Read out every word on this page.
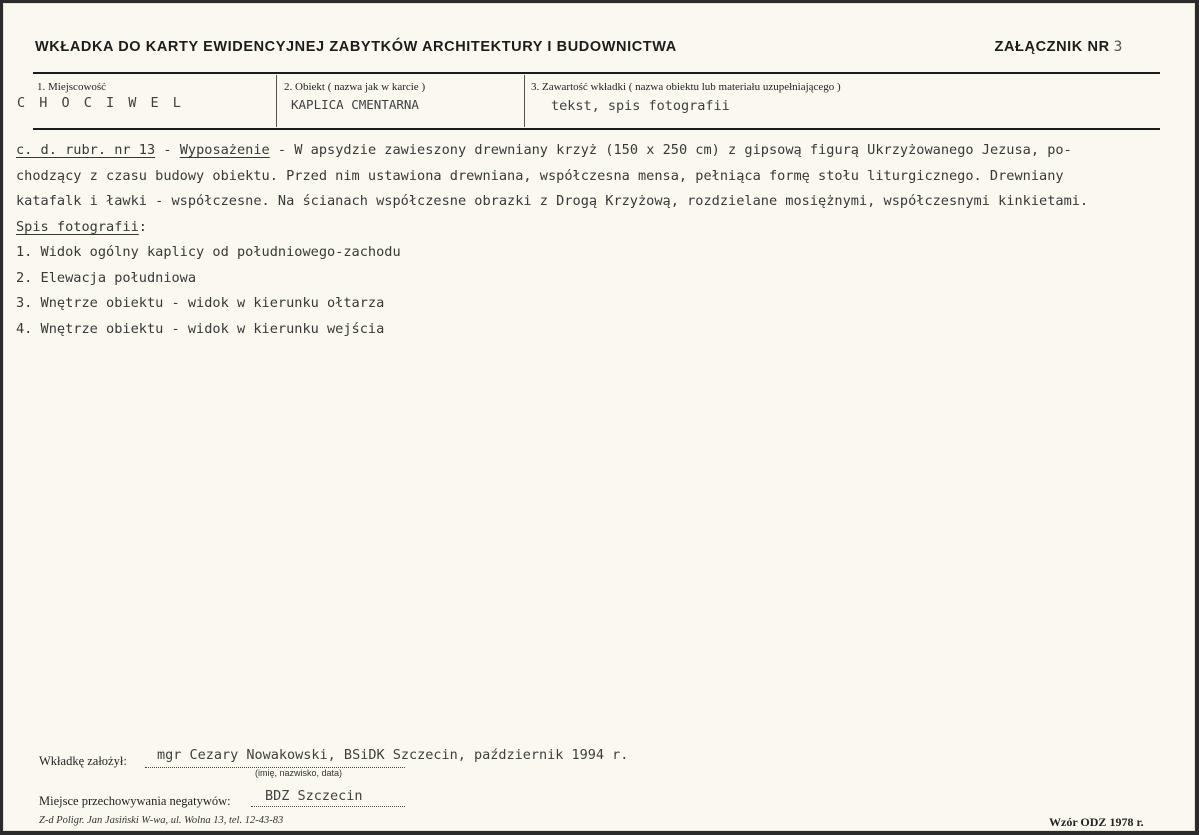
WKŁADKA DO KARTY EWIDENCYJNEJ ZABYTKÓW ARCHITEKTURY I BUDOWNICTWA	ZAŁĄCZNIK NR 3
1. Miejscowość
C H O C I W E L
2. Obiekt ( nazwa jak w karcie )
KAPLICA CMENTARNA
3. Zawartość wkładki ( nazwa obiektu lub materiału uzupełniającego )
tekst, spis fotografii

c. d. rubr. nr 13 - Wyposażenie - W apsydzie zawieszony drewniany krzyż (150 x 250 cm) z gipsową figurą Ukrzyżowanego Jezusa, po-

chodzący z czasu budowy obiektu. Przed nim ustawiona drewniana, współczesna mensa, pełniąca formę stołu liturgicznego. Drewniany

katafalk i ławki - współczesne. Na ścianach współczesne obrazki z Drogą Krzyżową, rozdzielane mosiężnymi, współczesnymi kinkietami.

Spis fotografii:

1. Widok ogólny kaplicy od południowego-zachodu

2. Elewacja południowa

3. Wnętrze obiektu - widok w kierunku ołtarza

4. Wnętrze obiektu - widok w kierunku wejścia

Wkładkę założył: mgr Cezary Nowakowski, BSiDK Szczecin, październik 1994 r.
(imię, nazwisko, data)
Miejsce przechowywania negatywów:	BDZ Szczecin
Z-d Poligr. Jan Jasiński W-wa, ul. Wolna 13, tel. 12-43-83	Wzór ODZ 1978 r.
